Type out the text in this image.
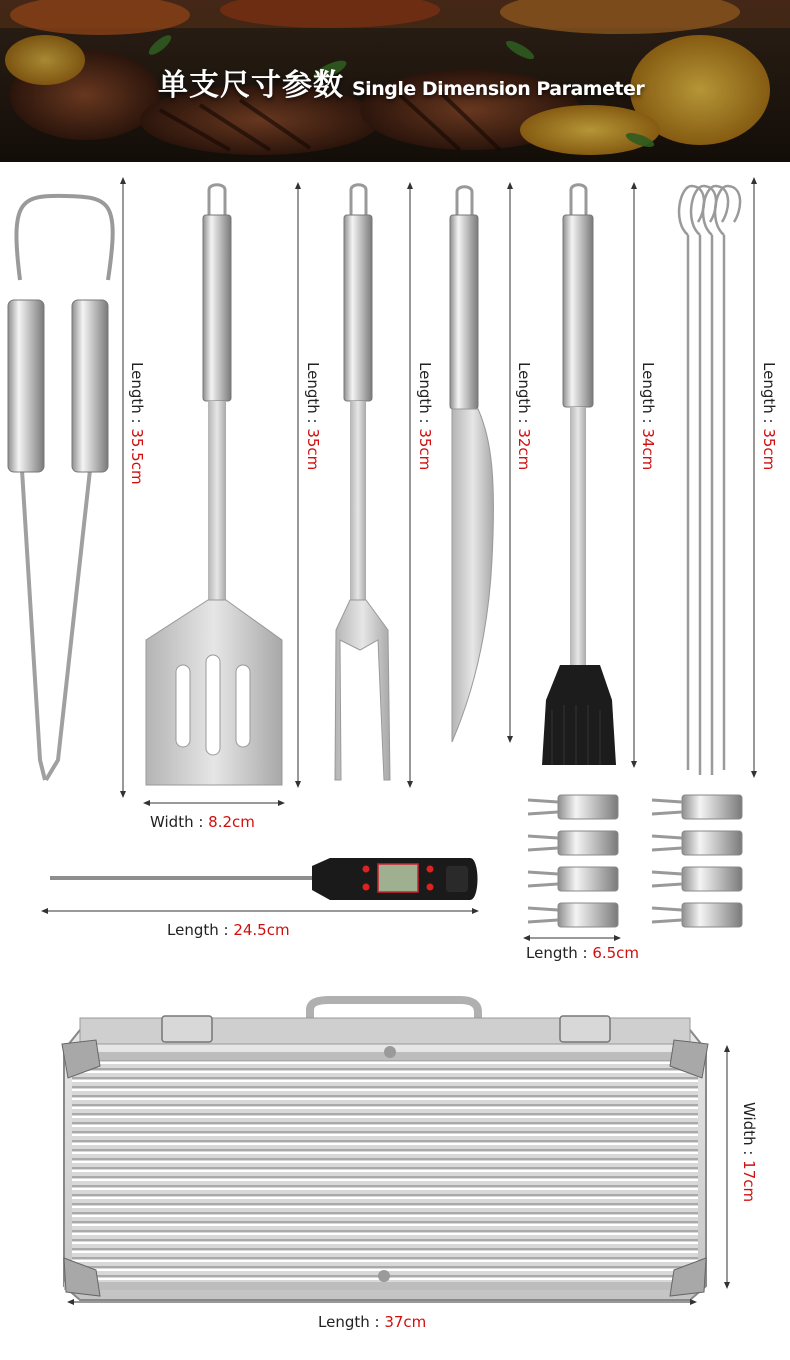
单支尺寸参数 Single Dimension Parameter
Length : 35.5cm
Length : 35cm
Length : 35cm
Length : 32cm
Length : 34cm
Length : 35cm
Width : 8.2cm
Length : 24.5cm
Length : 6.5cm
Length : 37cm
Width : 17cm
